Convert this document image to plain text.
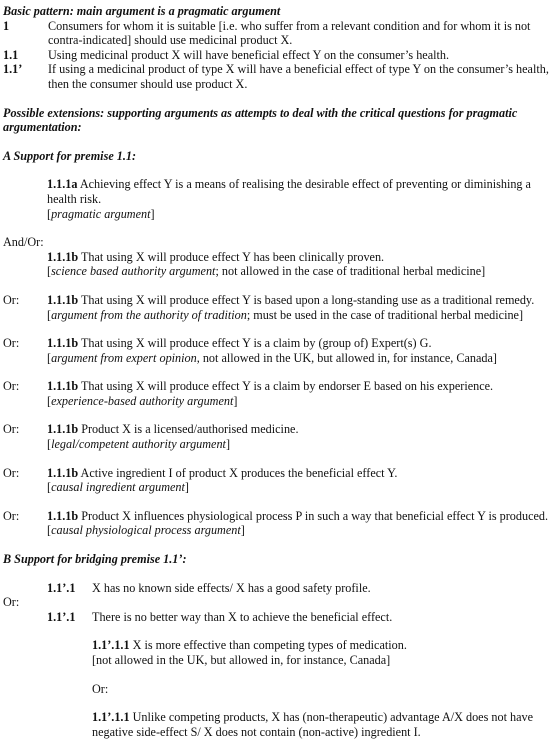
Basic pattern: main argument is a pragmatic argument
1	Consumers for whom it is suitable [i.e. who suffer from a relevant condition and for whom it is not contra-indicated] should use medicinal product X.
1.1 Using medicinal product X will have beneficial effect Y on the consumer’s health.
1.1’ If using a medicinal product of type X will have a beneficial effect of type Y on the consumer’s health, then the consumer should use product X.
Possible extensions: supporting arguments as attempts to deal with the critical questions for pragmatic argumentation:
A Support for premise 1.1:
1.1.1a Achieving effect Y is a means of realising the desirable effect of preventing or diminishing a health risk.
[pragmatic argument]
And/Or:
1.1.1b That using X will produce effect Y has been clinically proven.
[science based authority argument; not allowed in the case of traditional herbal medicine]
Or: 1.1.1b That using X will produce effect Y is based upon a long-standing use as a traditional remedy.
[argument from the authority of tradition; must be used in the case of traditional herbal medicine]
Or: 1.1.1b That using X will produce effect Y is a claim by (group of) Expert(s) G.
[argument from expert opinion, not allowed in the UK, but allowed in, for instance, Canada]
Or: 1.1.1b That using X will produce effect Y is a claim by endorser E based on his experience.
[experience-based authority argument]
Or: 1.1.1b Product X is a licensed/authorised medicine.
[legal/competent authority argument]
Or: 1.1.1b Active ingredient I of product X produces the beneficial effect Y.
[causal ingredient argument]
Or: 1.1.1b Product X influences physiological process P in such a way that beneficial effect Y is produced.
[causal physiological process argument]
B Support for bridging premise 1.1’:
1.1’.1 X has no known side effects/ X has a good safety profile.
Or:
1.1’.1 There is no better way than X to achieve the beneficial effect.
1.1’.1.1 X is more effective than competing types of medication.
[not allowed in the UK, but allowed in, for instance, Canada]
Or:
1.1’.1.1 Unlike competing products, X has (non-therapeutic) advantage A/X does not have negative side-effect S/ X does not contain (non-active) ingredient I.
